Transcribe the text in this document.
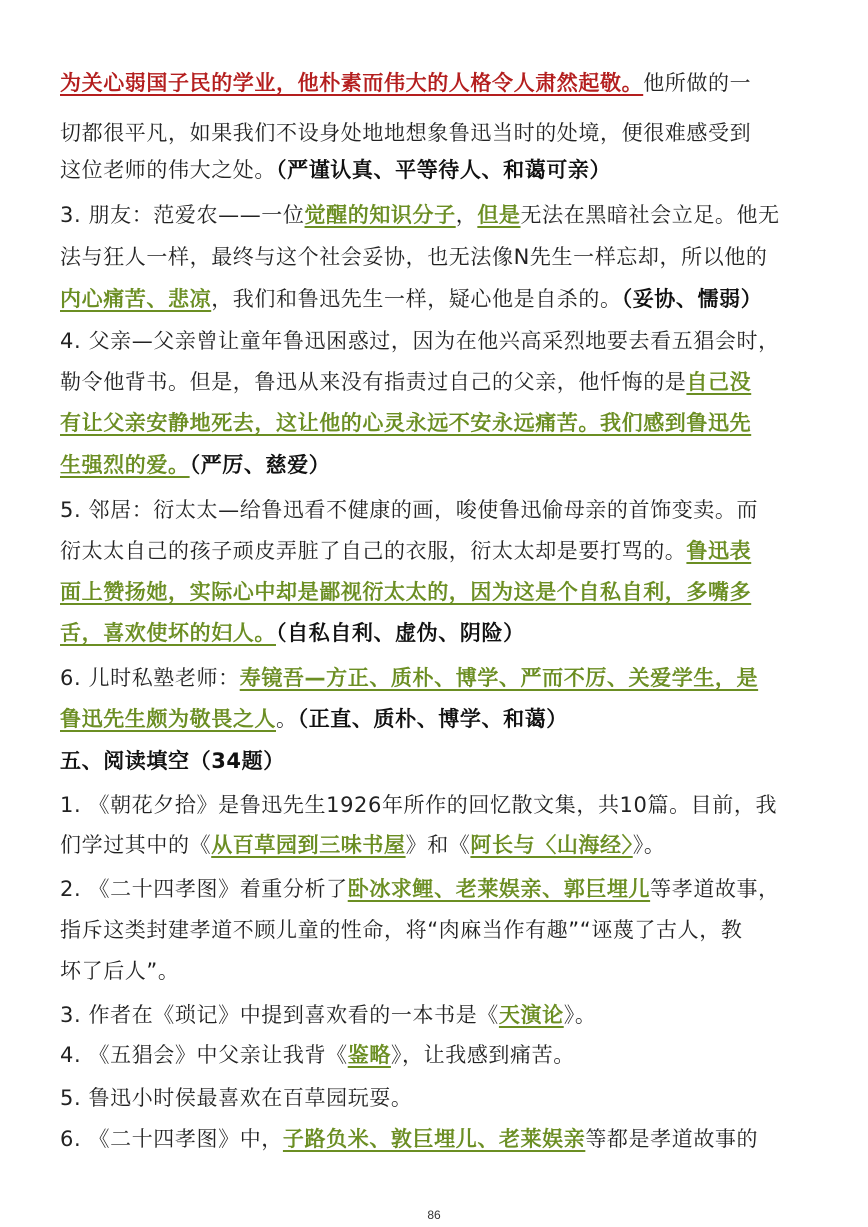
为关心弱国子民的学业，他朴素而伟大的人格令人肃然起敬。他所做的一
切都很平凡，如果我们不设身处地地想象鲁迅当时的处境，便很难感受到
这位老师的伟大之处。（严谨认真、平等待人、和蔼可亲）
3. 朋友：范爱农——一位觉醒的知识分子，但是无法在黑暗社会立足。他无
法与狂人一样，最终与这个社会妥协，也无法像N先生一样忘却，所以他的
内心痛苦、悲凉，我们和鲁迅先生一样，疑心他是自杀的。（妥协、懦弱）
4. 父亲—父亲曾让童年鲁迅困惑过，因为在他兴高采烈地要去看五猖会时，
勒令他背书。但是，鲁迅从来没有指责过自己的父亲，他忏悔的是自己没
有让父亲安静地死去，这让他的心灵永远不安永远痛苦。我们感到鲁迅先
生强烈的爱。（严厉、慈爱）
5. 邻居：衍太太—给鲁迅看不健康的画，唆使鲁迅偷母亲的首饰变卖。而
衍太太自己的孩子顽皮弄脏了自己的衣服，衍太太却是要打骂的。鲁迅表
面上赞扬她，实际心中却是鄙视衍太太的，因为这是个自私自利，多嘴多
舌，喜欢使坏的妇人。（自私自利、虚伪、阴险）
6. 儿时私塾老师：寿镜吾—方正、质朴、博学、严而不厉、关爱学生，是
鲁迅先生颇为敬畏之人。（正直、质朴、博学、和蔼）
五、阅读填空（34题）
1. 《朝花夕拾》是鲁迅先生1926年所作的回忆散文集，共10篇。目前，我
们学过其中的《从百草园到三味书屋》和《阿长与〈山海经〉》。
2. 《二十四孝图》着重分析了卧冰求鲤、老莱娱亲、郭巨埋儿等孝道故事，
指斥这类封建孝道不顾儿童的性命，将“肉麻当作有趣”“诬蔑了古人，教
坏了后人”。
3. 作者在《琐记》中提到喜欢看的一本书是《天演论》。
4. 《五猖会》中父亲让我背《鉴略》，让我感到痛苦。
5. 鲁迅小时侯最喜欢在百草园玩耍。
6. 《二十四孝图》中，子路负米、敦巨埋儿、老莱娱亲等都是孝道故事的
86
